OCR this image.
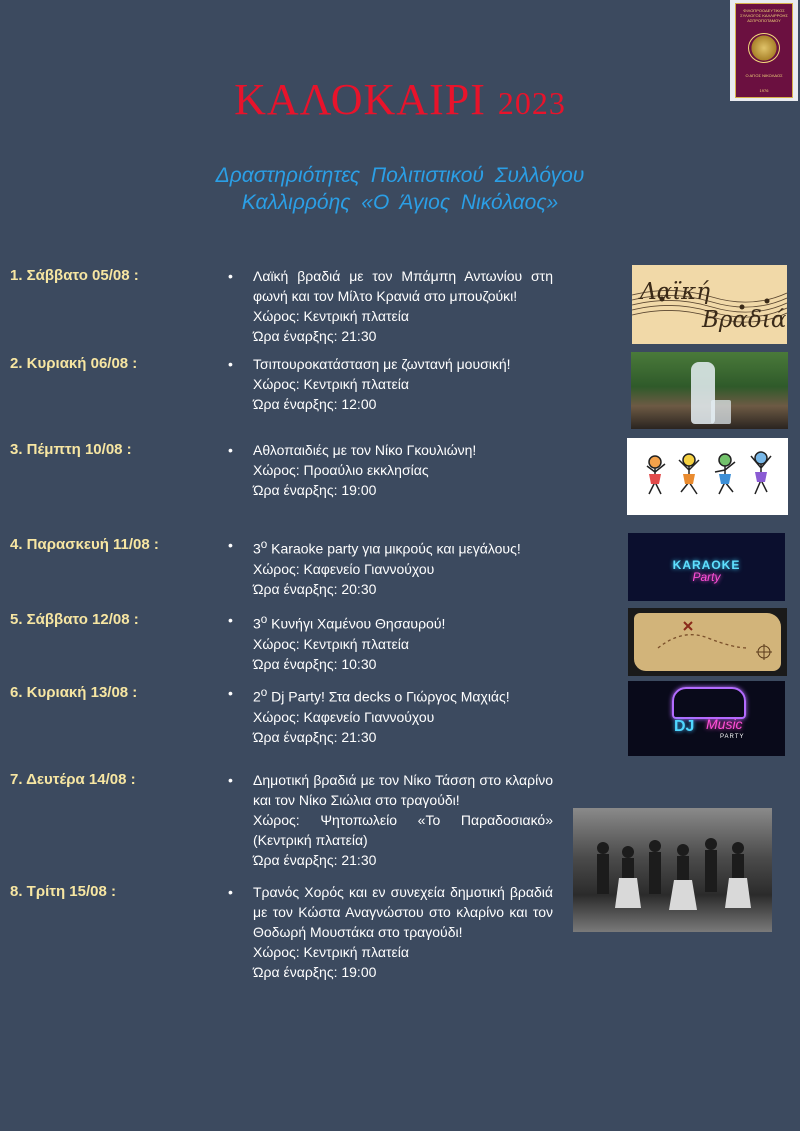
ΚΑΛΟΚΑΙΡΙ 2023
Δραστηριότητες Πολιτιστικού Συλλόγου
Καλλιρρόης «Ο Άγιος Νικόλαος»
ΦΙΛΟΠΡΟΟΔΕΥΤΙΚΟΣ ΣΥΛΛΟΓΟΣ ΚΑΛΛΙΡΡΟΗΣ ΑΣΠΡΟΠΟΤΑΜΟΥ
Ο ΑΓΙΟΣ ΝΙΚΟΛΑΟΣ
1976
1. Σάββατο 05/08 :	• Λαϊκή βραδιά με τον Μπάμπη Αντωνίου στη φωνή και τον Μίλτο Κρανιά στο μπουζούκι!
Χώρος: Κεντρική πλατεία
Ώρα έναρξης: 21:30
2. Κυριακή 06/08 :	• Τσιπουροκατάσταση με ζωντανή μουσική!
Χώρος: Κεντρική πλατεία
Ώρα έναρξης: 12:00
3. Πέμπτη 10/08 :	• Αθλοπαιδιές με τον Νίκο Γκουλιώνη!
Χώρος: Προαύλιο εκκλησίας
Ώρα έναρξης: 19:00
4. Παρασκευή 11/08 :	• $3^o$ Karaoke party για μικρούς και μεγάλους!
Χώρος: Καφενείο Γιαννούχου
Ώρα έναρξης: 20:30
5. Σάββατο 12/08 :	• $3^o$ Κυνήγι Χαμένου Θησαυρού!
Χώρος: Κεντρική πλατεία
Ώρα έναρξης: 10:30
6. Κυριακή 13/08 :	• $2^o$ Dj Party! Στα decks ο Γιώργος Μαχιάς!
Χώρος: Καφενείο Γιαννούχου
Ώρα έναρξης: 21:30
7. Δευτέρα 14/08 :	• Δημοτική βραδιά με τον Νίκο Τάσση στο κλαρίνο και τον Νίκο Σιώλια στο τραγούδι!
Χώρος: Ψητοπωλείο «Το Παραδοσιακό» (Κεντρική πλατεία)
Ώρα έναρξης: 21:30
8. Τρίτη 15/08 :	• Τρανός Χορός και εν συνεχεία δημοτική βραδιά με τον Κώστα Αναγνώστου στο κλαρίνο και τον Θοδωρή Μουστάκα στο τραγούδι!
Χώρος: Κεντρική πλατεία
Ώρα έναρξης: 19:00
Λαϊκή
Βραδιά
KARAOKE
Party
DJ Music
PARTY
